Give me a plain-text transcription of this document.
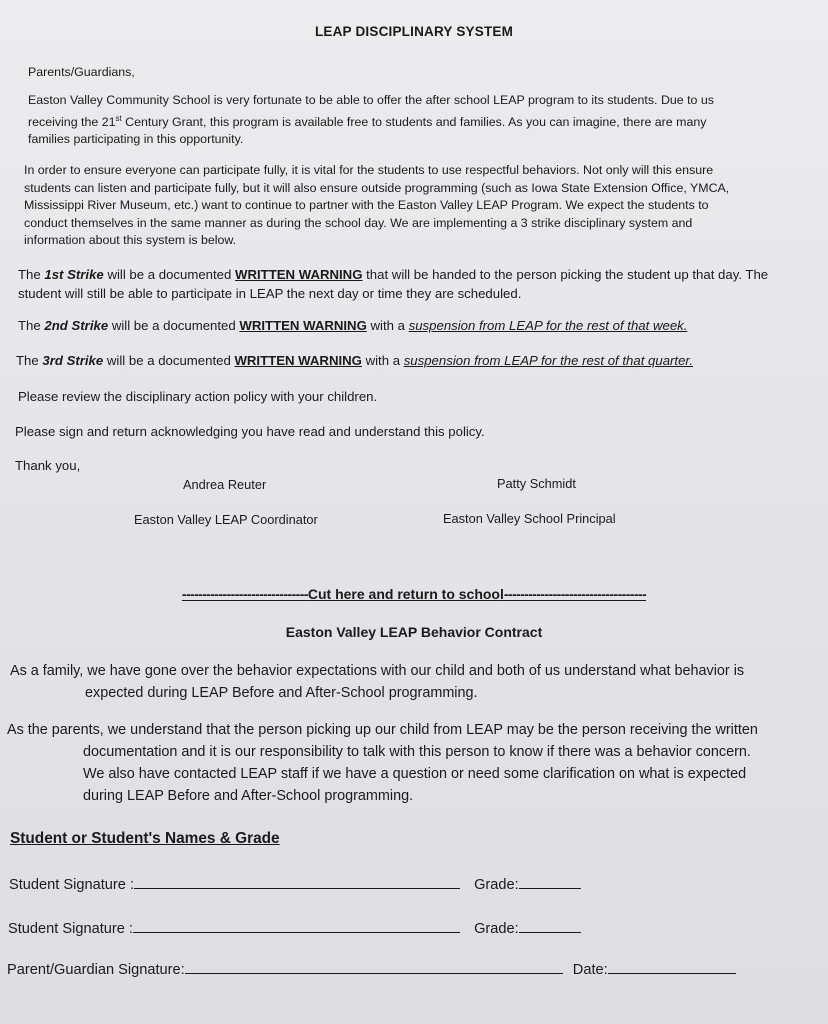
LEAP DISCIPLINARY SYSTEM

Parents/Guardians,

Easton Valley Community School is very fortunate to be able to offer the after school LEAP program to its students. Due to us
receiving the 21st Century Grant, this program is available free to students and families. As you can imagine, there are many
families participating in this opportunity.
In order to ensure everyone can participate fully, it is vital for the students to use respectful behaviors. Not only will this ensure
students can listen and participate fully, but it will also ensure outside programming (such as Iowa State Extension Office, YMCA,
Mississippi River Museum, etc.) want to continue to partner with the Easton Valley LEAP Program. We expect the students to
conduct themselves in the same manner as during the school day. We are implementing a 3 strike disciplinary system and
information about this system is below.
The 1st Strike will be a documented WRITTEN WARNING that will be handed to the person picking the student up that day. The
student will still be able to participate in LEAP the next day or time they are scheduled.
The 2nd Strike will be a documented WRITTEN WARNING with a suspension from LEAP for the rest of that week.
The 3rd Strike will be a documented WRITTEN WARNING with a suspension from LEAP for the rest of that quarter.

Please review the disciplinary action policy with your children.

Please sign and return acknowledging you have read and understand this policy.

Thank you,

Andrea Reuter

Easton Valley LEAP Coordinator

Patty Schmidt

Easton Valley School Principal

-------------------------------Cut here and return to school-----------------------------------

Easton Valley LEAP Behavior Contract

As a family, we have gone over the behavior expectations with our child and both of us understand what behavior is
expected during LEAP Before and After-School programming.
As the parents, we understand that the person picking up our child from LEAP may be the person receiving the written
documentation and it is our responsibility to talk with this person to know if there was a behavior concern.
We also have contacted LEAP staff if we have a question or need some clarification on what is expected
during LEAP Before and After-School programming.

Student or Student's Names & Grade

Student Signature :	Grade:
Student Signature :	Grade:
Parent/Guardian Signature:	Date:
